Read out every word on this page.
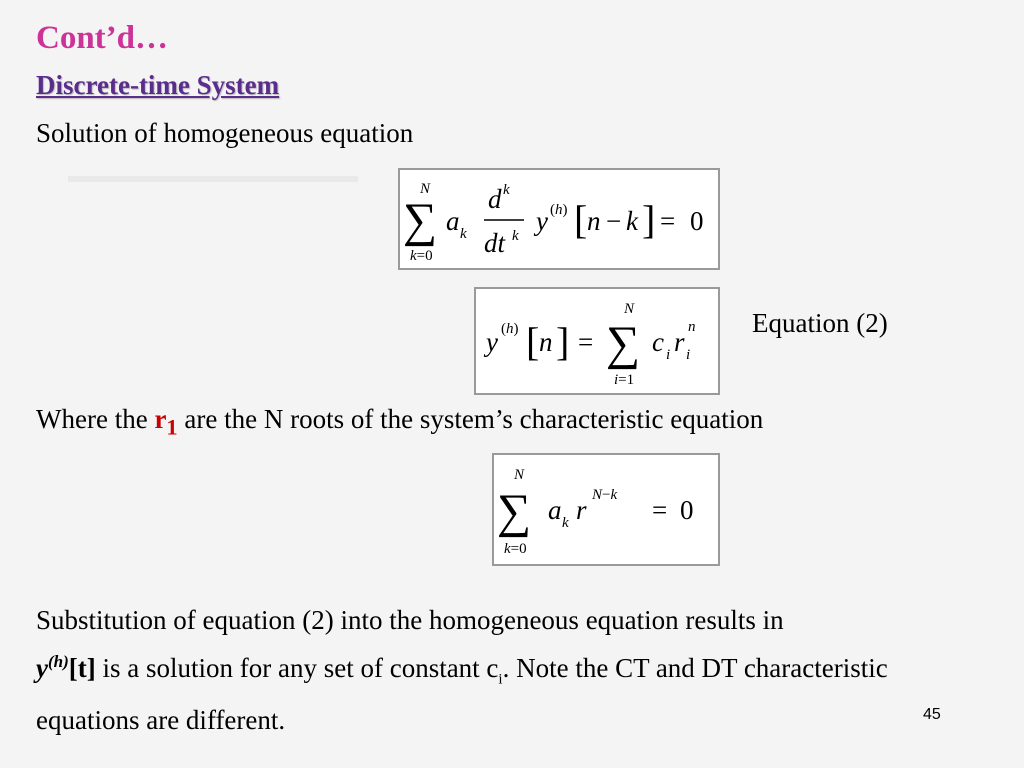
Cont’d…
Discrete-time System
Solution of homogeneous equation
N
∑
k=0
a k
d k
dt k y (h) [ n − k ] = 0
y (h) [ n ] =
N
∑
i=1
c i r n
i
Equation (2)
Where the $r_1$ are the N roots of the system’s characteristic equation
N
∑
k=0
a k r N−k = 0
Substitution of equation (2) into the homogeneous equation results in
$y^{(h)}[t]$ is a solution for any set of constant $c_i$. Note the CT and DT characteristic equations are different.	45
